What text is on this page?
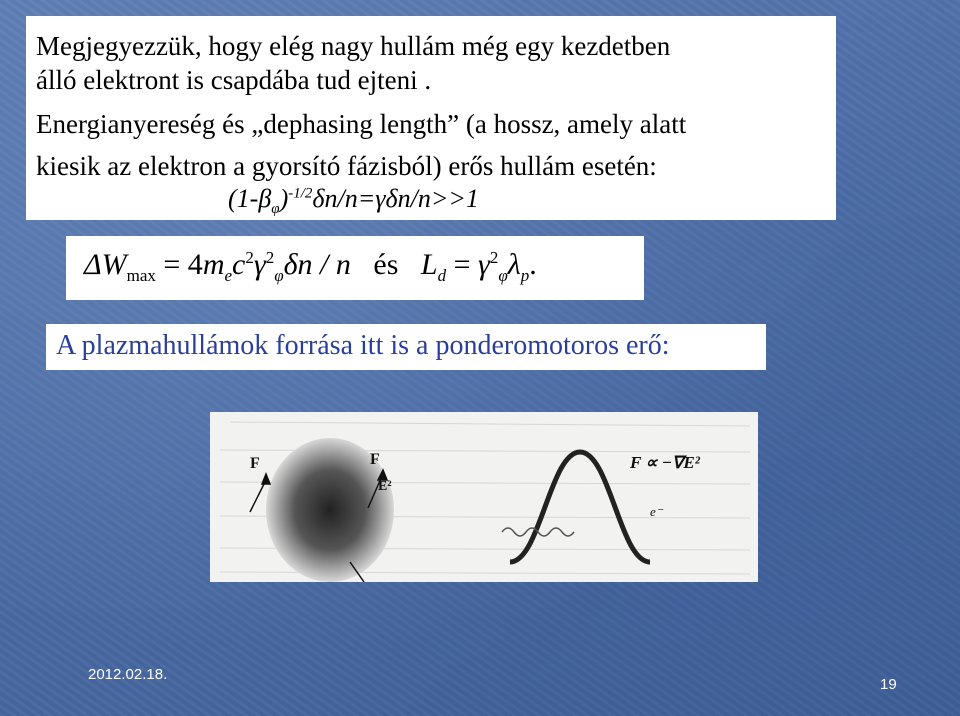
Megjegyezzük, hogy elég nagy hullám még egy kezdetben
álló elektront is csapdába tud ejteni .
Energianyereség és „dephasing length” (a hossz, amely alatt
kiesik az elektron a gyorsító fázisból) erős hullám esetén:
$(1-\beta_\varphi)^{-1/2}\delta n/n=\gamma\delta n/n>>1$
$\Delta W_{max} = 4m_ec^2\gamma^2_\varphi\delta n / n$ és $L_d = \gamma^2_\varphi\lambda_p$.
A plazmahullámok forrása itt is a ponderomotoros erő:
F	F
E²
F ∝ −∇E²
e⁻
2012.02.18.
19
